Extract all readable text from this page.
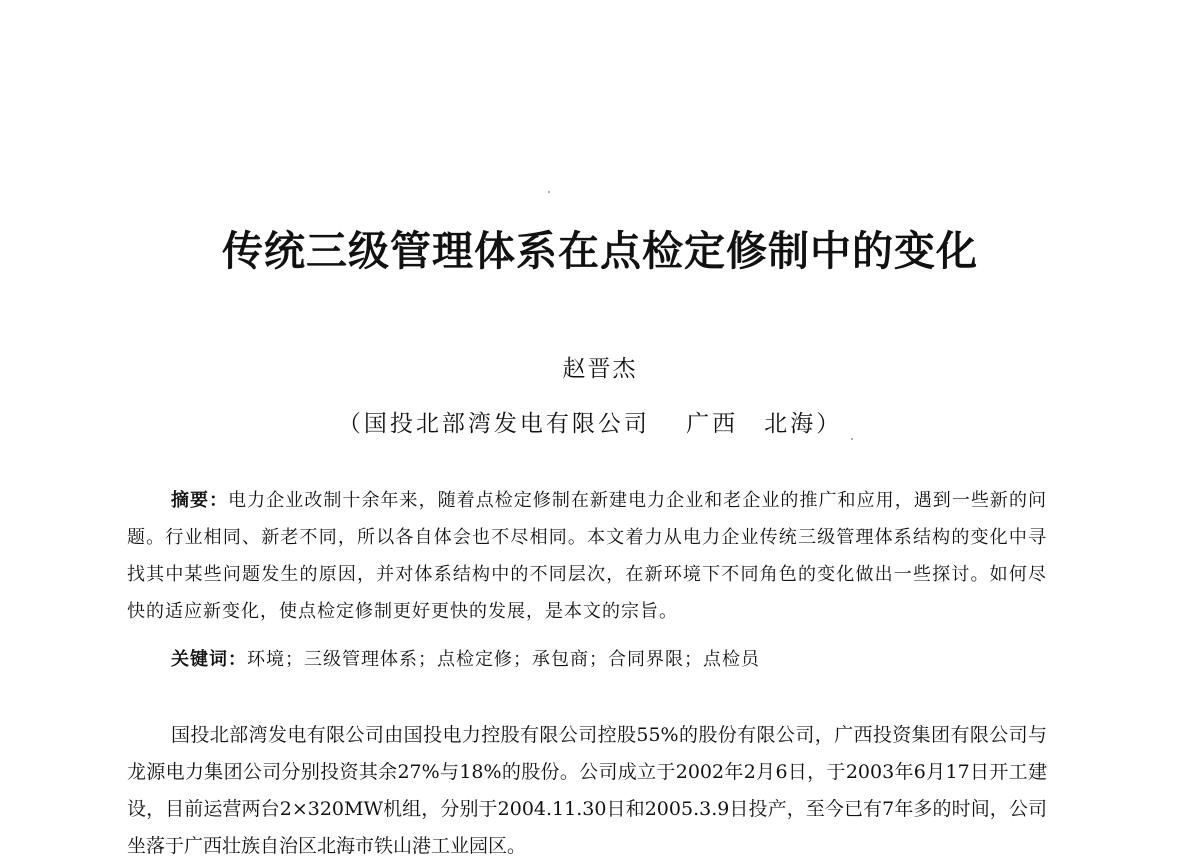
传统三级管理体系在点检定修制中的变化
赵晋杰
（国投北部湾发电有限公司　 广西　北海）

摘要：电力企业改制十余年来，随着点检定修制在新建电力企业和老企业的推广和应用，遇到一些新的问题。行业相同、新老不同，所以各自体会也不尽相同。本文着力从电力企业传统三级管理体系结构的变化中寻找其中某些问题发生的原因，并对体系结构中的不同层次，在新环境下不同角色的变化做出一些探讨。如何尽快的适应新变化，使点检定修制更好更快的发展，是本文的宗旨。

关键词：环境；三级管理体系；点检定修；承包商；合同界限；点检员

国投北部湾发电有限公司由国投电力控股有限公司控股55%的股份有限公司，广西投资集团有限公司与龙源电力集团公司分别投资其余27%与18%的股份。公司成立于2002年2月6日，于2003年6月17日开工建设，目前运营两台2×320MW机组，分别于2004.11.30日和2005.3.9日投产，至今已有7年多的时间，公司坐落于广西壮族自治区北海市铁山港工业园区。
